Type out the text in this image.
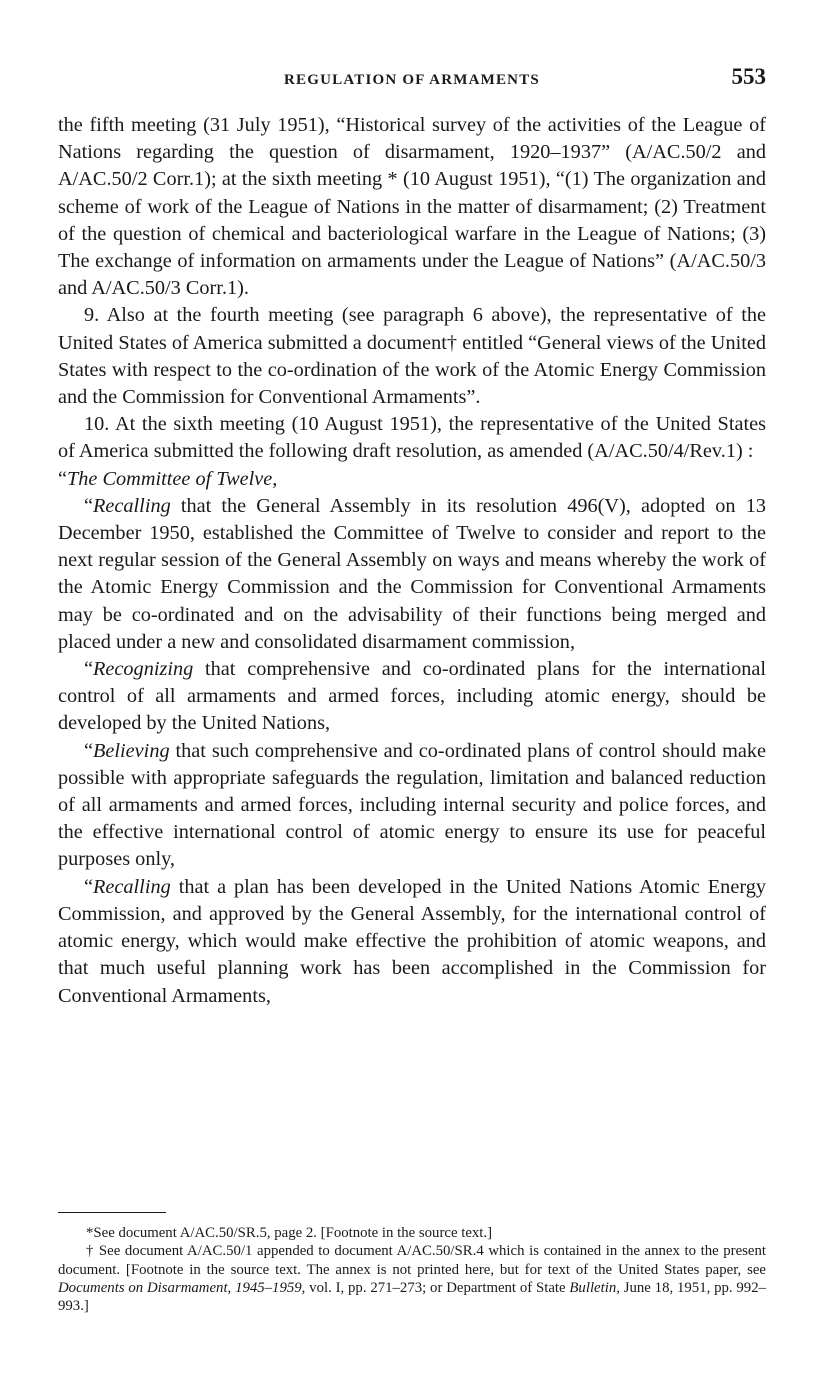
REGULATION OF ARMAMENTS	553

the fifth meeting (31 July 1951), “Historical survey of the activities of the League of Nations regarding the question of disarmament, 1920–1937” (A/AC.50/2 and A/AC.50/2 Corr.1); at the sixth meeting * (10 August 1951), “(1) The organization and scheme of work of the League of Nations in the matter of disarmament; (2) Treatment of the question of chemical and bacteriological warfare in the League of Nations; (3) The exchange of information on armaments under the League of Nations” (A/AC.50/3 and A/AC.50/3 Corr.1).

9. Also at the fourth meeting (see paragraph 6 above), the representative of the United States of America submitted a document† entitled “General views of the United States with respect to the co-ordination of the work of the Atomic Energy Commission and the Commission for Conventional Armaments”.

10. At the sixth meeting (10 August 1951), the representative of the United States of America submitted the following draft resolution, as amended (A/AC.50/4/Rev.1) :

“The Committee of Twelve,

“Recalling that the General Assembly in its resolution 496(V), adopted on 13 December 1950, established the Committee of Twelve to consider and report to the next regular session of the General Assembly on ways and means whereby the work of the Atomic Energy Commission and the Commission for Conventional Armaments may be co-ordinated and on the advisability of their functions being merged and placed under a new and consolidated disarmament commission,

“Recognizing that comprehensive and co-ordinated plans for the international control of all armaments and armed forces, including atomic energy, should be developed by the United Nations,

“Believing that such comprehensive and co-ordinated plans of control should make possible with appropriate safeguards the regulation, limitation and balanced reduction of all armaments and armed forces, including internal security and police forces, and the effective international control of atomic energy to ensure its use for peaceful purposes only,

“Recalling that a plan has been developed in the United Nations Atomic Energy Commission, and approved by the General Assembly, for the international control of atomic energy, which would make effective the prohibition of atomic weapons, and that much useful planning work has been accomplished in the Commission for Conventional Armaments,

*See document A/AC.50/SR.5, page 2. [Footnote in the source text.]

† See document A/AC.50/1 appended to document A/AC.50/SR.4 which is contained in the annex to the present document. [Footnote in the source text. The annex is not printed here, but for text of the United States paper, see Documents on Disarmament, 1945–1959, vol. I, pp. 271–273; or Department of State Bulletin, June 18, 1951, pp. 992–993.]
